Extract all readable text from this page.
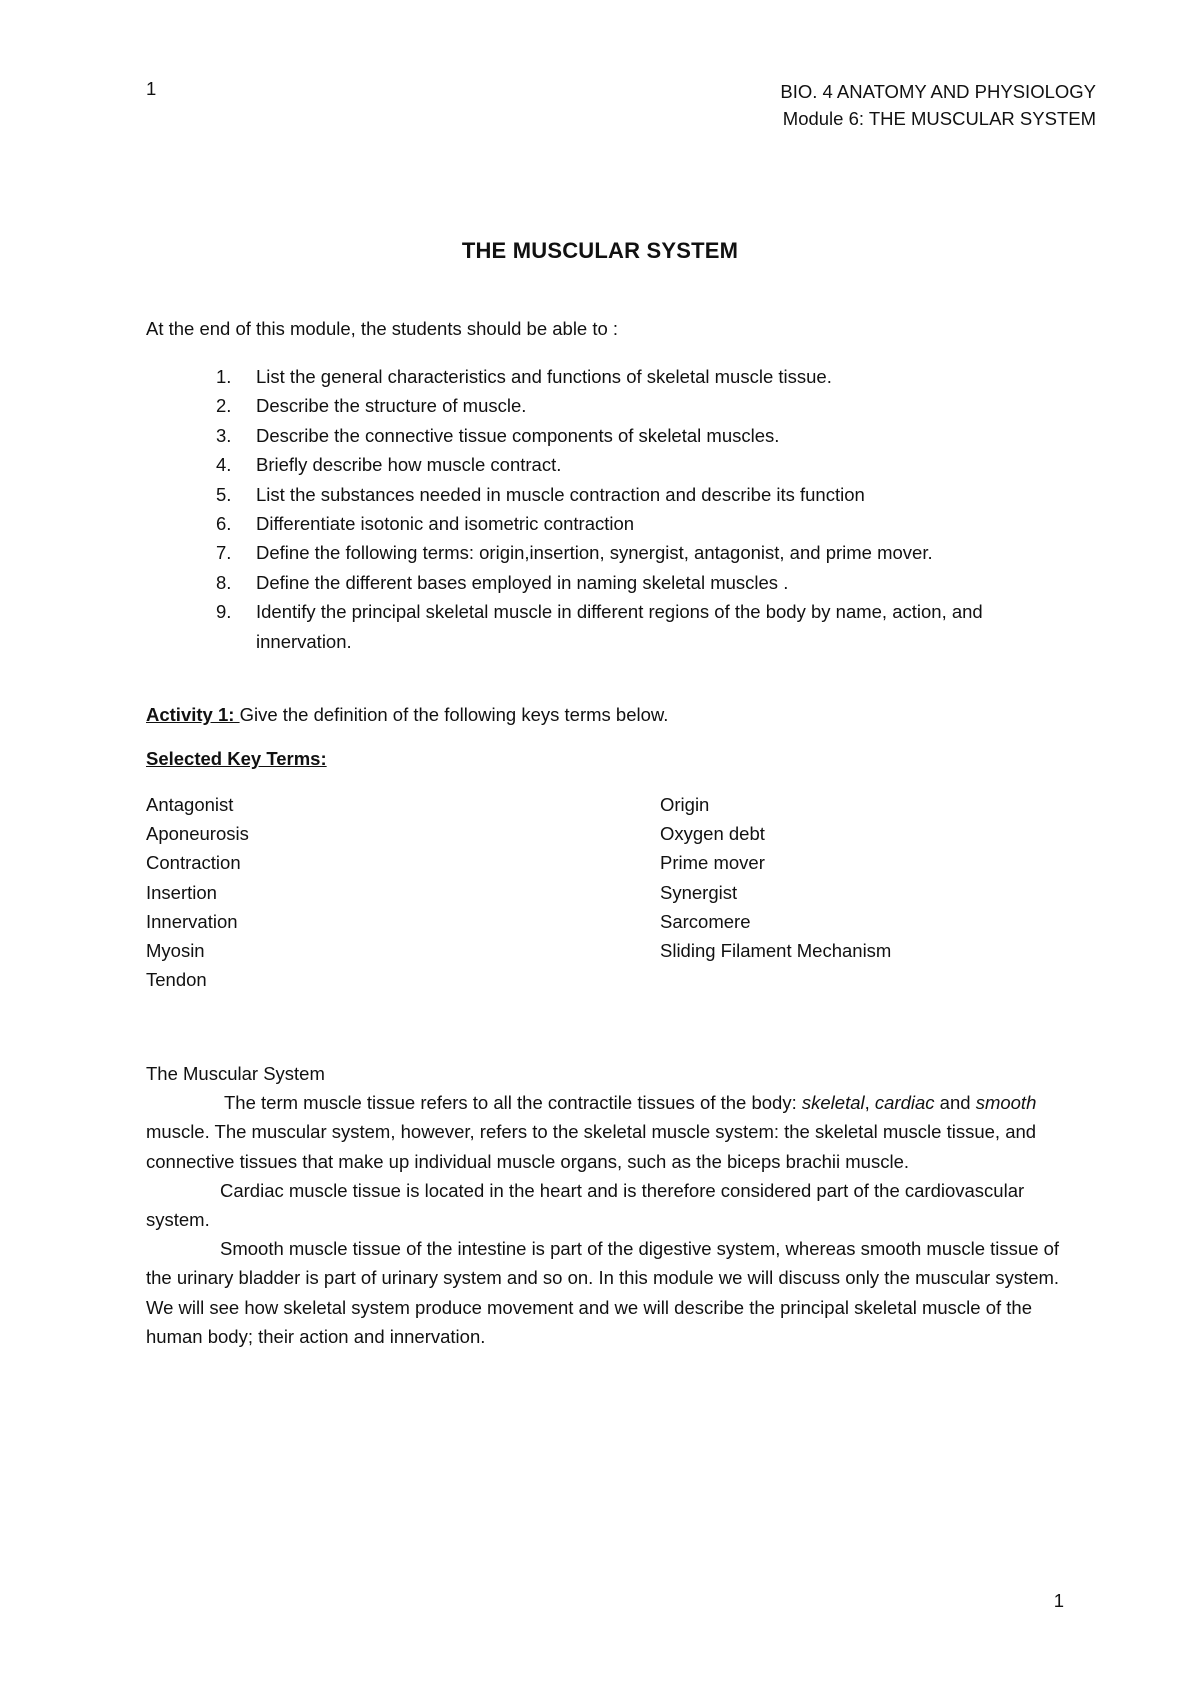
1	BIO. 4 ANATOMY AND PHYSIOLOGY
Module 6: THE MUSCULAR SYSTEM
THE MUSCULAR SYSTEM
At the end of this module, the students should be able to :
1. List the general characteristics and functions of skeletal muscle tissue.
2. Describe the structure of muscle.
3. Describe the connective tissue components of skeletal muscles.
4. Briefly describe how muscle contract.
5. List the substances needed in muscle contraction and describe its function
6. Differentiate isotonic and isometric contraction
7. Define the following terms: origin,insertion, synergist, antagonist, and prime mover.
8. Define the different bases employed in naming skeletal muscles .
9. Identify the principal skeletal muscle in different regions of the body by name, action, and innervation.
Activity 1: Give the definition of the following keys terms below.
Selected Key Terms:
Antagonist
Aponeurosis
Contraction
Insertion
Innervation
Myosin
Tendon
Origin
Oxygen debt
Prime mover
Synergist
Sarcomere
Sliding Filament Mechanism

The Muscular System

The term muscle tissue refers to all the contractile tissues of the body: skeletal, cardiac and smooth muscle. The muscular system, however, refers to the skeletal muscle system: the skeletal muscle tissue, and connective tissues that make up individual muscle organs, such as the biceps brachii muscle.

Cardiac muscle tissue is located in the heart and is therefore considered part of the cardiovascular system.

Smooth muscle tissue of the intestine is part of the digestive system, whereas smooth muscle tissue of the urinary bladder is part of urinary system and so on. In this module we will discuss only the muscular system. We will see how skeletal system produce movement and we will describe the principal skeletal muscle of the human body; their action and innervation.

1
